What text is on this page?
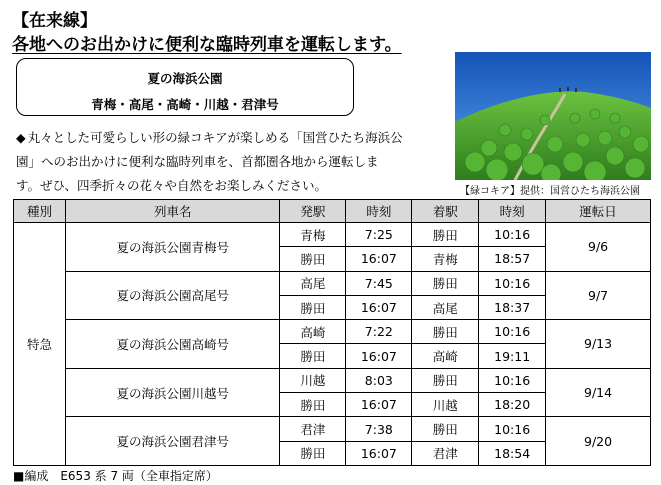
【在来線】
各地へのお出かけに便利な臨時列車を運転します。
夏の海浜公園
青梅・高尾・高崎・川越・君津号
◆ 丸々とした可愛らしい形の緑コキアが楽しめる「国営ひたち海浜公
園」へのお出かけに便利な臨時列車を、首都圏各地から運転しま
す。ぜひ、四季折々の花々や自然をお楽しみください。	【緑コキア】提供：国営ひたち海浜公園
種別	列車名	発駅	時刻	着駅	時刻	運転日
特急	夏の海浜公園青梅号	青梅	7:25	勝田	10:16	9/6
		勝田	16:07	青梅	18:57	
	夏の海浜公園高尾号	高尾	7:45	勝田	10:16	9/7
		勝田	16:07	高尾	18:37	
	夏の海浜公園高崎号	高崎	7:22	勝田	10:16	9/13
		勝田	16:07	高崎	19:11	
	夏の海浜公園川越号	川越	8:03	勝田	10:16	9/14
		勝田	16:07	川越	18:20	
	夏の海浜公園君津号	君津	7:38	勝田	10:16	9/20
		勝田	16:07	君津	18:54	
■編成　E653 系 7 両（全車指定席）
